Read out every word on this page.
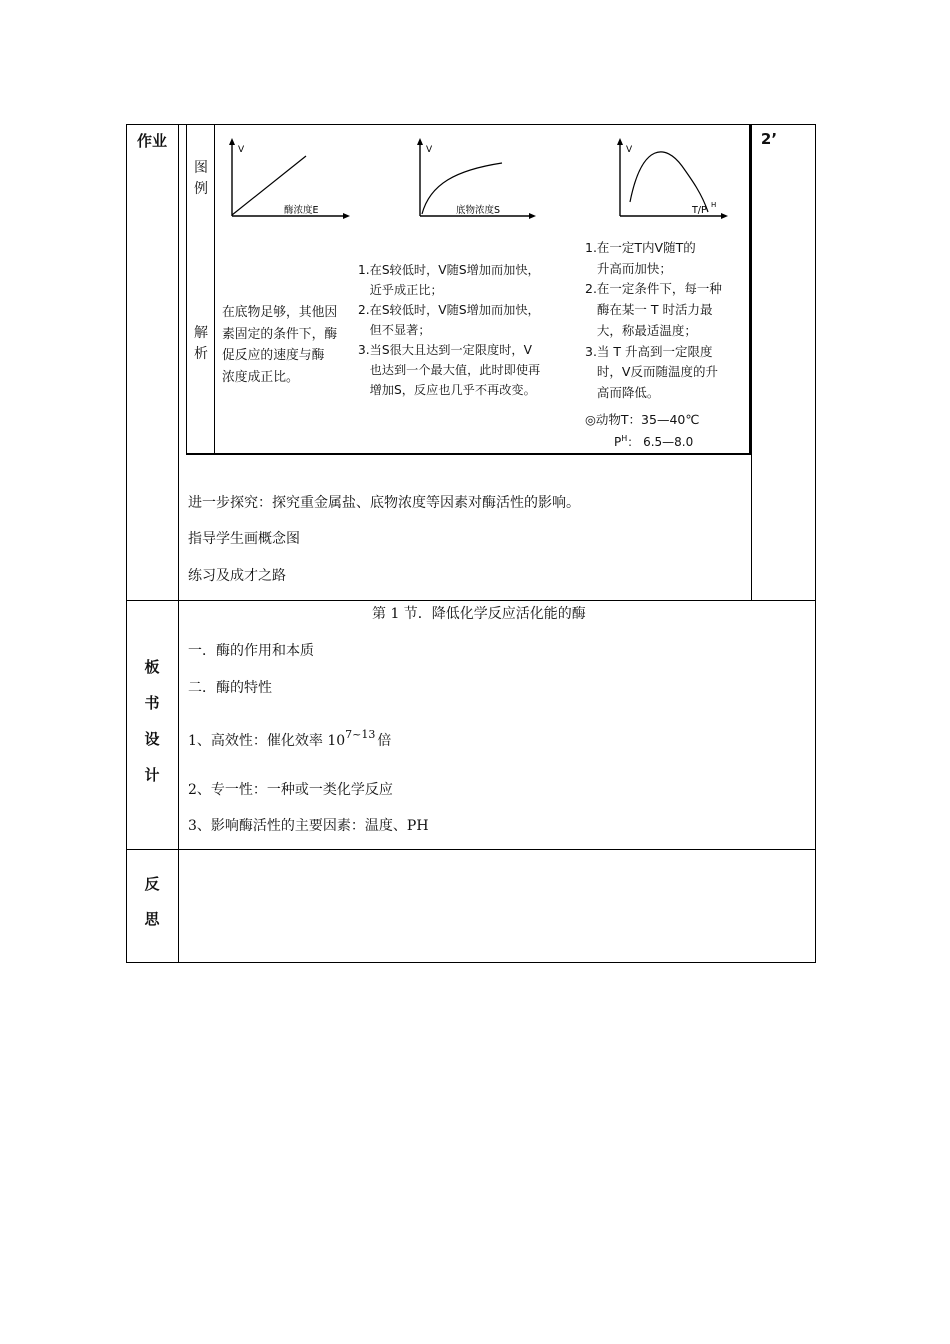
作业	2’
图
例
解
析
V
酶浓度E
V
底物浓度S
V
T/P H
在底物足够，其他因
素固定的条件下，酶
促反应的速度与酶
浓度成正比。
1.在S较低时，V随S增加而加快，
近乎成正比；
2.在S较低时，V随S增加而加快，
但不显著；
3.当S很大且达到一定限度时，V
也达到一个最大值，此时即使再
增加S，反应也几乎不再改变。
1.在一定T内V随T的
升高而加快；
2.在一定条件下，每一种
酶在某一 T 时活力最
大，称最适温度；
3.当 T 升高到一定限度
时，V反而随温度的升
高而降低。
◎动物T：35—40℃
$P^H$： 6.5—8.0
进一步探究：探究重金属盐、底物浓度等因素对酶活性的影响。
指导学生画概念图
练习及成才之路
板
书
设
计
第 1 节．降低化学反应活化能的酶
一．酶的作用和本质
二．酶的特性
1、高效性：催化效率 $10^{7\sim 13}$ 倍
2、专一性：一种或一类化学反应
3、影响酶活性的主要因素：温度、PH
反
思
